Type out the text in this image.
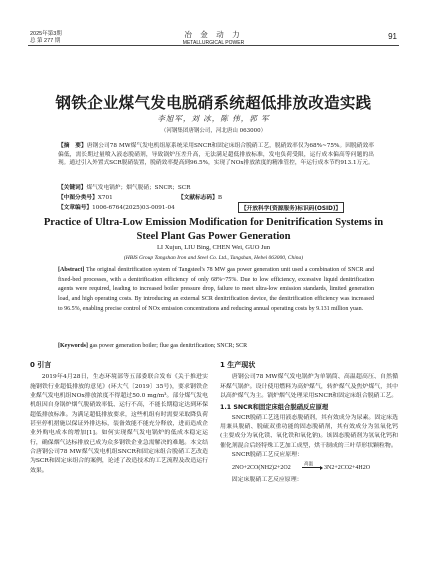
2025年第3期
总 第 277 期
冶 金 动 力
METALLURGICAL POWER
91
钢铁企业煤气发电脱硝系统超低排放改造实践
李旭军，刘 冰，陈 伟，郭 军
（河钢集团唐钢公司，河北唐山 063000）
【摘　要】唐钢公司78 MW煤气发电机组原系统采用SNCR和固定床组合脱硝工艺，脱硝效率仅为68%~75%。因脱硝效率偏低，需长期过量喷入液态脱硝剂，导致锅炉压差升高，无法满足超低排放标准，发电负荷受限，运行成本偏高等问题的出现。通过引入外置式SCR脱硝装置，脱硝效率提高到96.5%，实现了NOx排放浓度的精准管控，年运行成本节约913.1万元。
【关键词】煤气发电锅炉；烟气脱硝；SNCR；SCR
【中图分类号】X701	【文献标志码】B
【文章编号】1006-6764(2025)03-0091-04	【开放科学(资源服务)标识码(OSID)】
Practice of Ultra-Low Emission Modification for Denitrification Systems in Steel Plant Gas Power Generation
LI Xujun, LIU Bing, CHEN Wei, GUO Jun
(HBIS Group Tangshan Iron and Steel Co. Ltd., Tangshan, Hebei 063000, China)
[Abstract] The original denitrification system of Tangsteel's 78 MW gas power generation unit used a combination of SNCR and fixed-bed processes, with a denitrification efficiency of only 68%~75%. Due to low efficiency, excessive liquid denitrification agents were required, leading to increased boiler pressure drop, failure to meet ultra-low emission standards, limited generation load, and high operating costs. By introducing an external SCR denitrification device, the denitrification efficiency was increased to 96.5%, enabling precise control of NOx emission concentrations and reducing annual operating costs by 9.131 million yuan.
[Keywords] gas power generation boiler; flue gas denitrification; SNCR; SCR
0 引言

2019年4月28日，生态环境部等五部委联合发布《关于推进实施钢铁行业超低排放的意见》(环大气〔2019〕35号)，要求钢铁企业煤气发电机组NOx排放浓度不得超过50.0 mg/m³。部分煤气发电机组因自身锅炉烟气脱硝效率低、运行不高，不能长期稳定达到环保超低排放标准。为满足超低排放要求，这些机组有时需要采取降负荷甚至停机措施以保证外排达标，装备效能不能充分释放，进而造成企业外购电成本的增加[1]。如何实现煤气发电锅炉的低成本稳定运行，确保烟气达标排放已成为众多钢铁企业急需解决的难题。本文结合唐钢公司78 MW煤气发电机组SNCR和固定床组合脱硝工艺改造为SCR和固定床组合的案例，论述了改造技术的工艺流程及改造运行效果。

1 生产现状

唐钢公司78 MW煤气发电锅炉为单锅筒、高温超高压、自然循环煤气锅炉。设计使用燃料为高炉煤气，转炉煤气及焦炉煤气，其中以高炉煤气为主。锅炉烟气处理采用SNCR和固定床组合脱硝工艺。

1.1 SNCR和固定床组合脱硝反应原理

SNCR脱硝工艺选用液态脱硝剂，其有效成分为尿素。固定床选用兼具脱硝、脱硫双重功能的固态脱硝剂，其有效成分为氢氧化钙(主要成分为氧化镁、氧化铁和氧化钠)。该固态脱硝剂为氢氧化钙和催化剂混合后经特殊工艺加工成型，烘干制成的三叶草形状颗粒物。

SNCR脱硝工艺反应原理：

2NO+2CO(NH2)2+2O2
高温
→ 3N2+2CO2+4H2O

固定床脱硝工艺反应原理：
